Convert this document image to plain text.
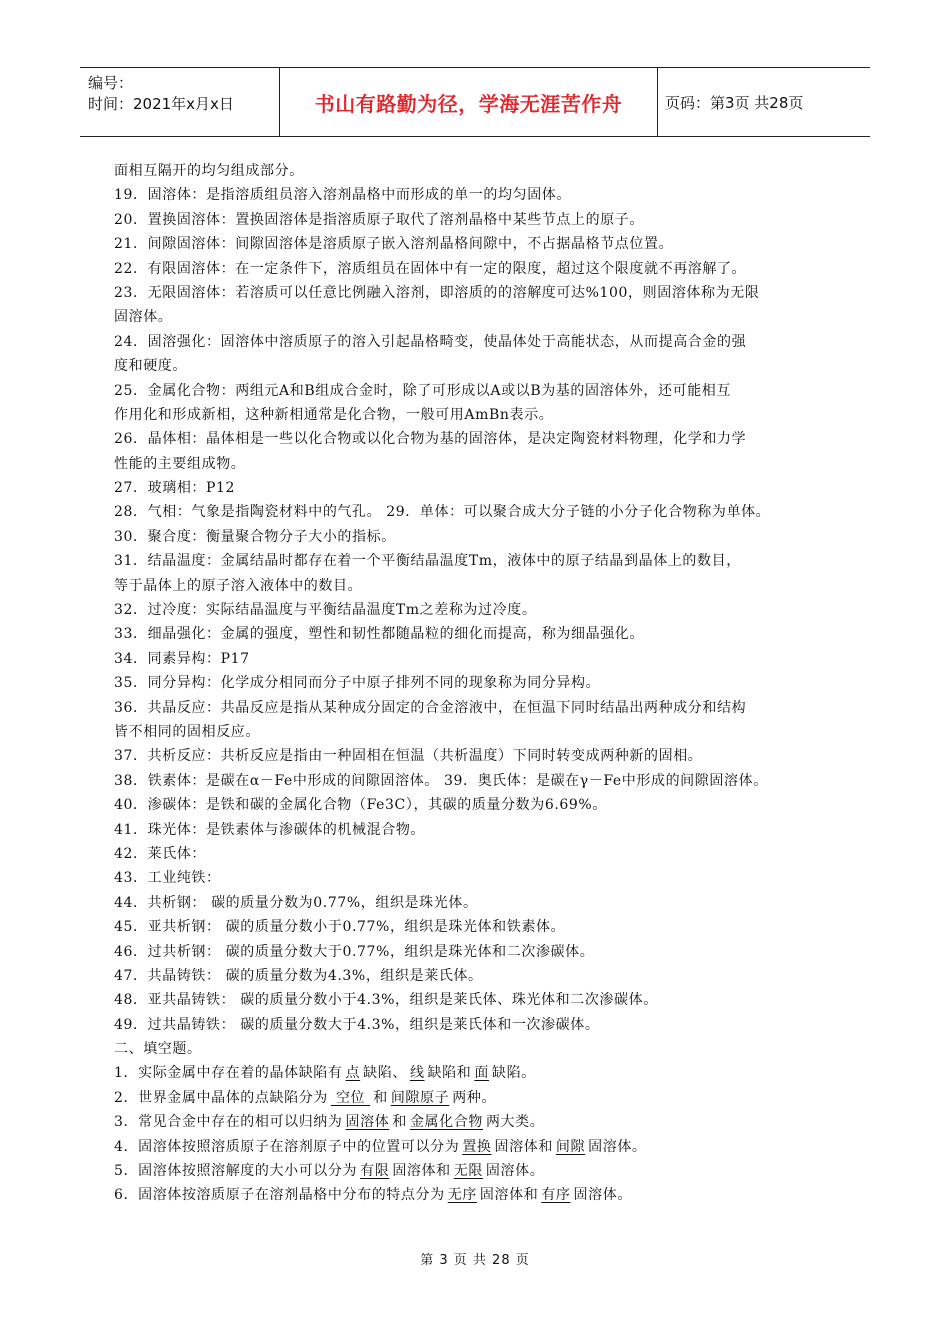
编号：
时间：2021年x月x日	书山有路勤为径，学海无涯苦作舟	页码：第3页 共28页
面相互隔开的均匀组成部分。
19．固溶体：是指溶质组员溶入溶剂晶格中而形成的单一的均匀固体。
20．置换固溶体：置换固溶体是指溶质原子取代了溶剂晶格中某些节点上的原子。
21．间隙固溶体：间隙固溶体是溶质原子嵌入溶剂晶格间隙中，不占据晶格节点位置。
22．有限固溶体：在一定条件下，溶质组员在固体中有一定的限度，超过这个限度就不再溶解了。
23．无限固溶体：若溶质可以任意比例融入溶剂，即溶质的的溶解度可达%100，则固溶体称为无限
固溶体。
24．固溶强化：固溶体中溶质原子的溶入引起晶格畸变，使晶体处于高能状态，从而提高合金的强
度和硬度。
25．金属化合物：两组元A和B组成合金时，除了可形成以A或以B为基的固溶体外，还可能相互
作用化和形成新相，这种新相通常是化合物，一般可用AmBn表示。
26．晶体相：晶体相是一些以化合物或以化合物为基的固溶体，是决定陶瓷材料物理，化学和力学
性能的主要组成物。
27．玻璃相：P12
28．气相：气象是指陶瓷材料中的气孔。 29．单体：可以聚合成大分子链的小分子化合物称为单体。
30．聚合度：衡量聚合物分子大小的指标。
31．结晶温度：金属结晶时都存在着一个平衡结晶温度Tm，液体中的原子结晶到晶体上的数目，
等于晶体上的原子溶入液体中的数目。
32．过冷度：实际结晶温度与平衡结晶温度Tm之差称为过冷度。
33．细晶强化：金属的强度，塑性和韧性都随晶粒的细化而提高，称为细晶强化。
34．同素异构：P17
35．同分异构：化学成分相同而分子中原子排列不同的现象称为同分异构。
36．共晶反应：共晶反应是指从某种成分固定的合金溶液中，在恒温下同时结晶出两种成分和结构
皆不相同的固相反应。
37．共析反应：共析反应是指由一种固相在恒温（共析温度）下同时转变成两种新的固相。
38．铁素体：是碳在α－Fe中形成的间隙固溶体。 39．奥氏体：是碳在γ－Fe中形成的间隙固溶体。
40．渗碳体：是铁和碳的金属化合物（Fe3C），其碳的质量分数为6.69%。
41．珠光体：是铁素体与渗碳体的机械混合物。
42．莱氏体：
43．工业纯铁：
44．共析钢： 碳的质量分数为0.77%，组织是珠光体。
45．亚共析钢： 碳的质量分数小于0.77%，组织是珠光体和铁素体。
46．过共析钢： 碳的质量分数大于0.77%，组织是珠光体和二次渗碳体。
47．共晶铸铁： 碳的质量分数为4.3%，组织是莱氏体。
48．亚共晶铸铁： 碳的质量分数小于4.3%，组织是莱氏体、珠光体和二次渗碳体。
49．过共晶铸铁： 碳的质量分数大于4.3%，组织是莱氏体和一次渗碳体。
二、填空题。
1．实际金属中存在着的晶体缺陷有 点 缺陷、 线 缺陷和 面 缺陷。
2．世界金属中晶体的点缺陷分为 空位 和 间隙原子 两种。
3．常见合金中存在的相可以归纳为 固溶体 和 金属化合物 两大类。
4．固溶体按照溶质原子在溶剂原子中的位置可以分为 置换 固溶体和 间隙 固溶体。
5．固溶体按照溶解度的大小可以分为 有限 固溶体和 无限 固溶体。
6．固溶体按溶质原子在溶剂晶格中分布的特点分为 无序 固溶体和 有序 固溶体。
第 3 页 共 28 页
